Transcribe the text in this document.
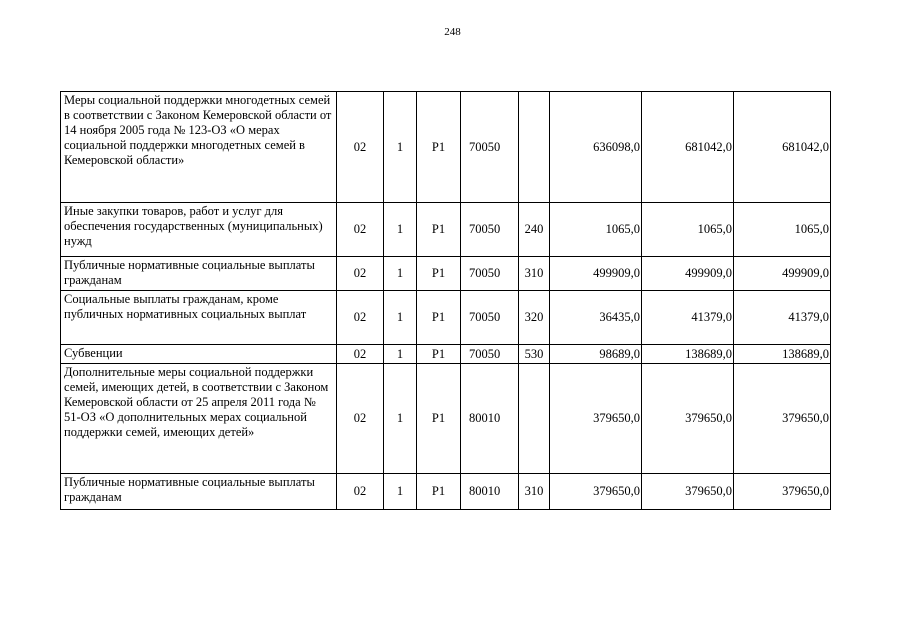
248
Меры социальной поддержки многодетных семей в соответствии с Законом Кемеровской области от 14 ноября 2005 года № 123-ОЗ «О мерах социальной поддержки многодетных семей в Кемеровской области»	02	1	Р1	70050		636098,0	681042,0	681042,0
Иные закупки товаров, работ и услуг для обеспечения государственных (муниципальных) нужд	02	1	Р1	70050	240	1065,0	1065,0	1065,0
Публичные нормативные социальные выплаты гражданам	02	1	Р1	70050	310	499909,0	499909,0	499909,0
Социальные выплаты гражданам, кроме публичных нормативных социальных выплат	02	1	Р1	70050	320	36435,0	41379,0	41379,0
Субвенции	02	1	Р1	70050	530	98689,0	138689,0	138689,0
Дополнительные меры социальной поддержки семей, имеющих детей, в соответствии с Законом Кемеровской области от 25 апреля 2011 года № 51-ОЗ «О дополнительных мерах социальной поддержки семей, имеющих детей»	02	1	Р1	80010		379650,0	379650,0	379650,0
Публичные нормативные социальные выплаты гражданам	02	1	Р1	80010	310	379650,0	379650,0	379650,0
